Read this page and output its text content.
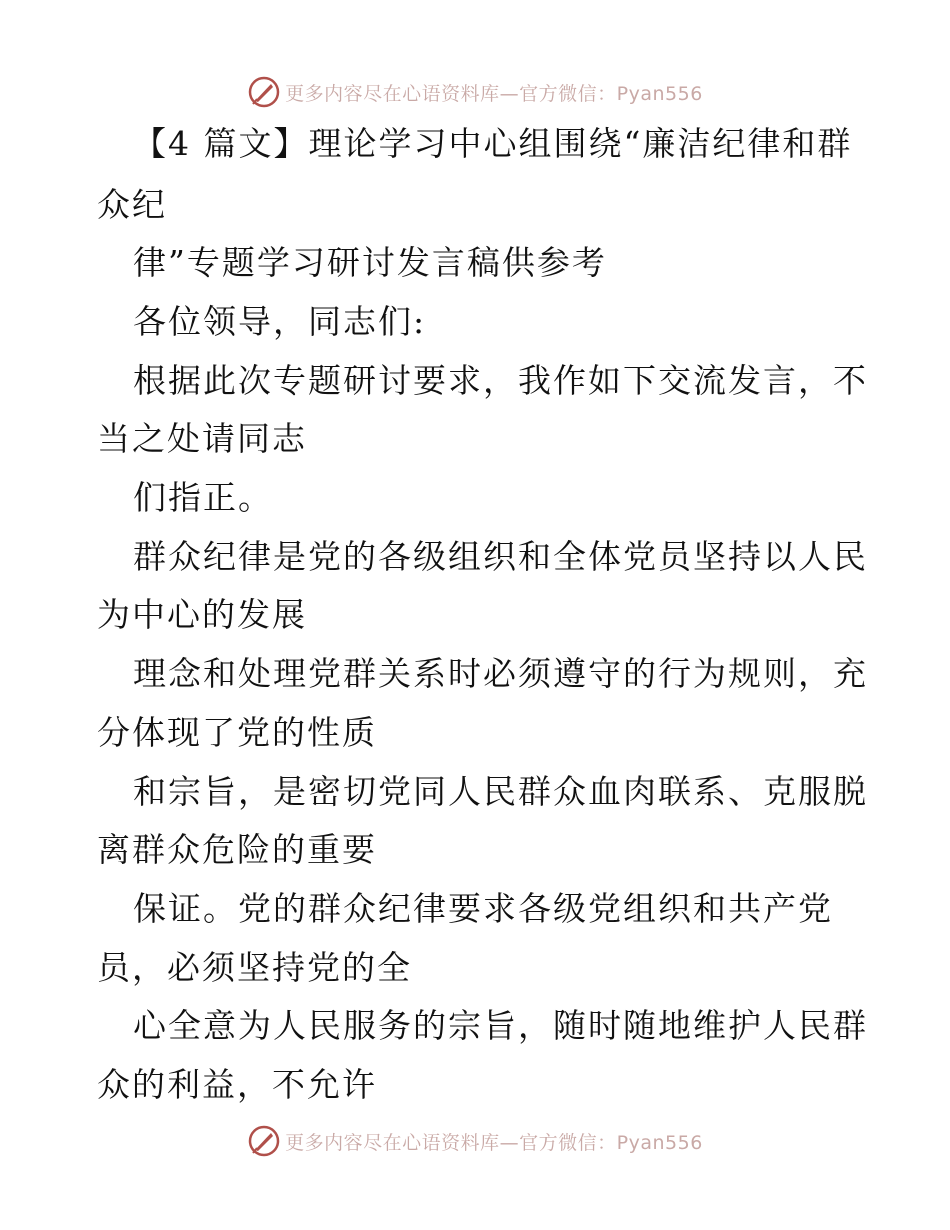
更多内容尽在心语资料库—官方微信：Pyan556
【4 篇文】理论学习中心组围绕“廉洁纪律和群
众纪
律”专题学习研讨发言稿供参考
各位领导，同志们:
根据此次专题研讨要求，我作如下交流发言，不
当之处请同志
们指正。
群众纪律是党的各级组织和全体党员坚持以人民
为中心的发展
理念和处理党群关系时必须遵守的行为规则，充
分体现了党的性质
和宗旨，是密切党同人民群众血肉联系、克服脱
离群众危险的重要
保证。党的群众纪律要求各级党组织和共产党
员，必须坚持党的全
心全意为人民服务的宗旨，随时随地维护人民群
众的利益，不允许
更多内容尽在心语资料库—官方微信：Pyan556
